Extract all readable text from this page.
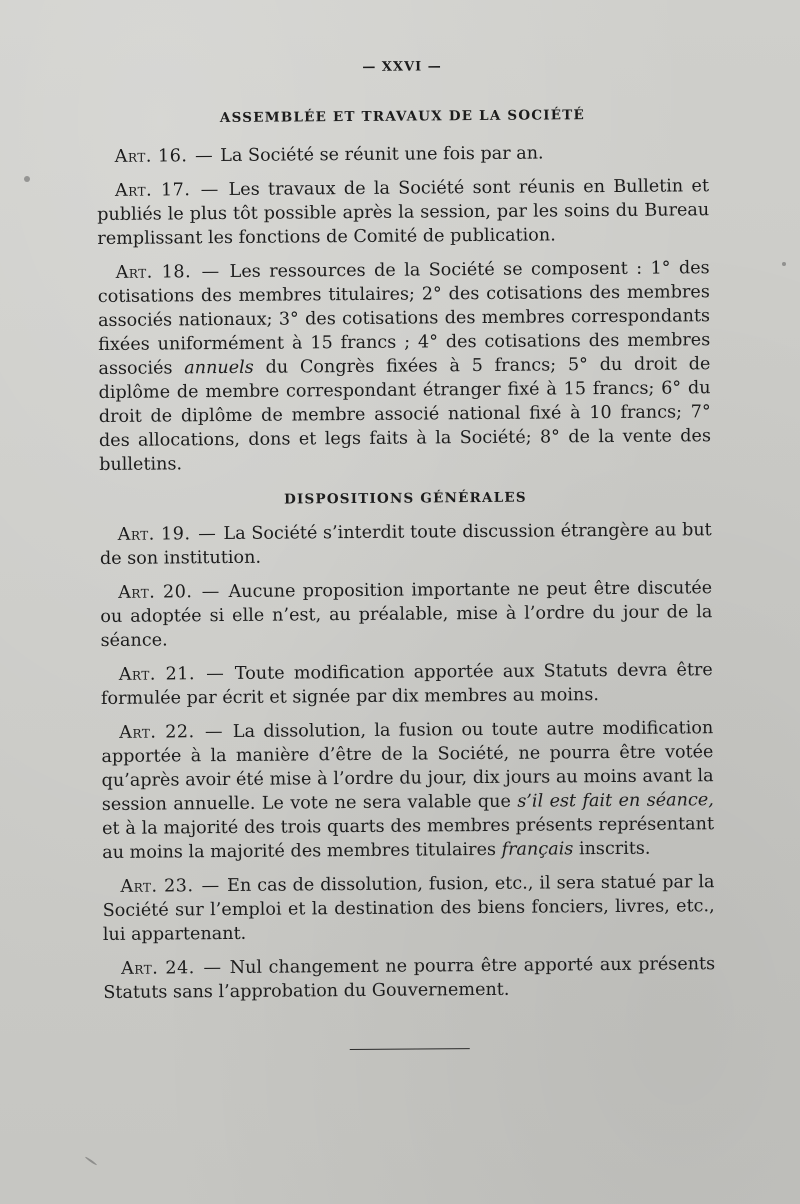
— XXVI —
ASSEMBLÉE ET TRAVAUX DE LA SOCIÉTÉ

Art. 16. — La Société se réunit une fois par an.

Art. 17. — Les travaux de la Société sont réunis en Bulletin et publiés le plus tôt possible après la session, par les soins du Bureau remplissant les fonctions de Comité de publication.

Art. 18. — Les ressources de la Société se composent : 1° des cotisations des membres titulaires; 2° des cotisations des membres associés nationaux; 3° des cotisations des membres correspondants fixées uniformément à 15 francs ; 4° des cotisations des membres associés annuels du Congrès fixées à 5 francs; 5° du droit de diplôme de membre correspondant étranger fixé à 15 francs; 6° du droit de diplôme de membre associé national fixé à 10 francs; 7° des allocations, dons et legs faits à la Société; 8° de la vente des bulletins.

DISPOSITIONS GÉNÉRALES

Art. 19. — La Société s’interdit toute discussion étrangère au but de son institution.

Art. 20. — Aucune proposition importante ne peut être discutée ou adoptée si elle n’est, au préalable, mise à l’ordre du jour de la séance.

Art. 21. — Toute modification apportée aux Statuts devra être formulée par écrit et signée par dix membres au moins.

Art. 22. — La dissolution, la fusion ou toute autre modification apportée à la manière d’être de la Société, ne pourra être votée qu’après avoir été mise à l’ordre du jour, dix jours au moins avant la session annuelle. Le vote ne sera valable que s’il est fait en séance, et à la majorité des trois quarts des membres présents représentant au moins la majorité des membres titulaires français inscrits.

Art. 23. — En cas de dissolution, fusion, etc., il sera statué par la Société sur l’emploi et la destination des biens fonciers, livres, etc., lui appartenant.

Art. 24. — Nul changement ne pourra être apporté aux présents Statuts sans l’approbation du Gouvernement.
